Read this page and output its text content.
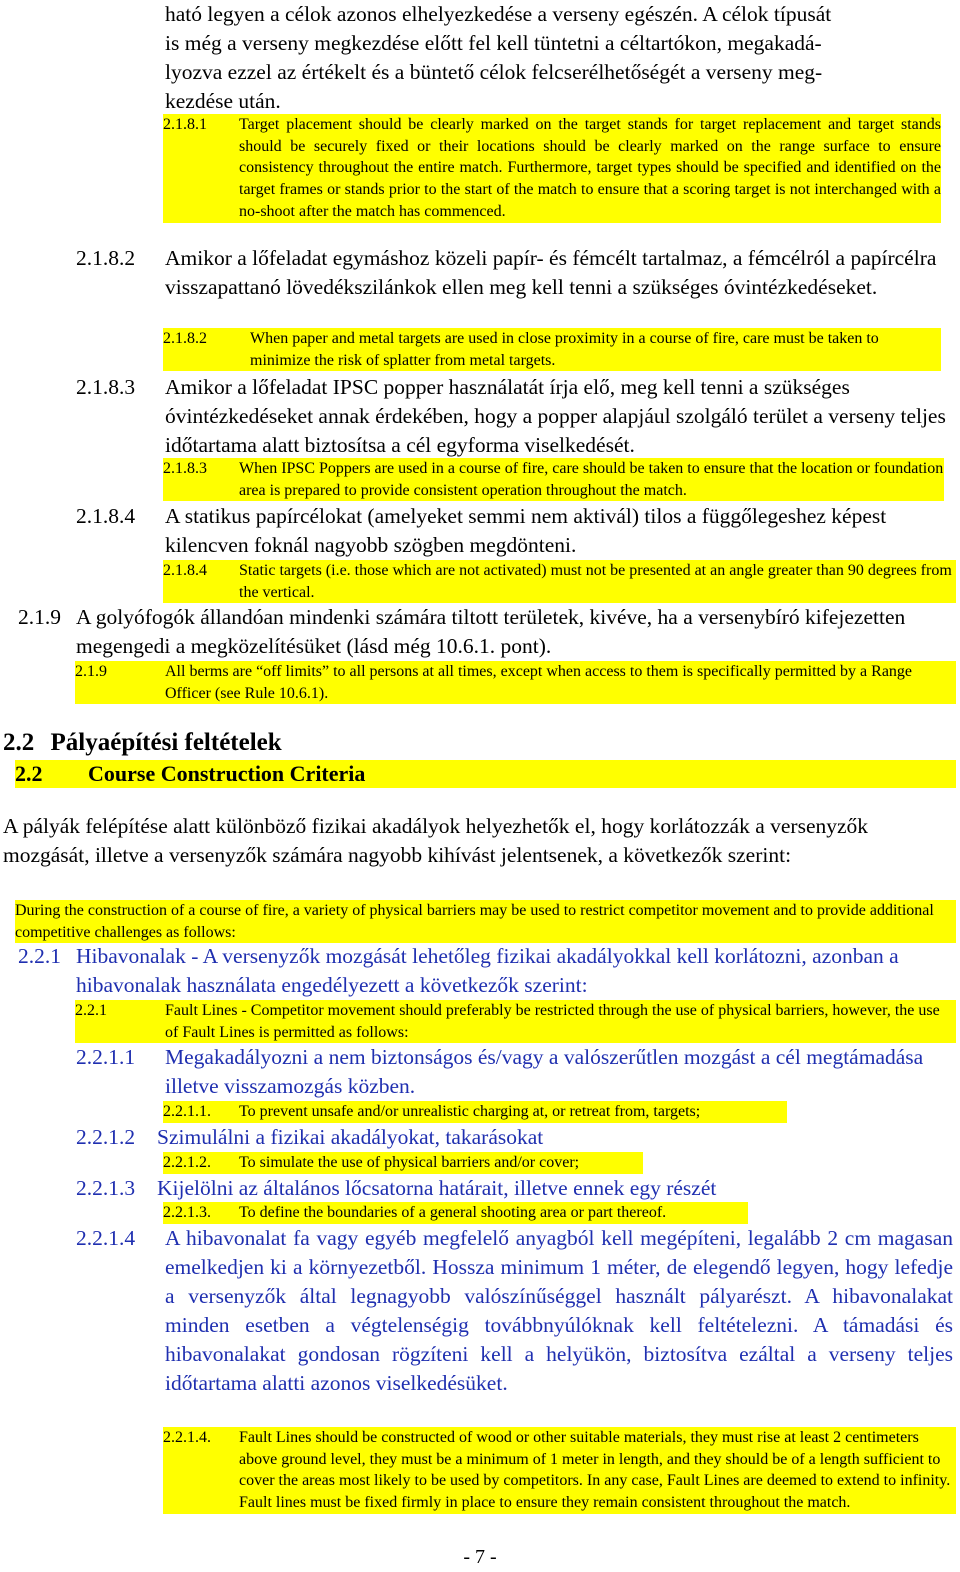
ható legyen a célok azonos elhelyezkedése a verseny egészén. A célok típusát
is még a verseny megkezdése előtt fel kell tüntetni a céltartókon, megakadá-
lyozva ezzel az értékelt és a büntető célok felcserélhetőségét a verseny meg-
kezdése után.
2.1.8.1	Target placement should be clearly marked on the target stands for target replacement and target stands should be securely fixed or their locations should be clearly marked on the range surface to ensure consistency throughout the entire match. Furthermore, target types should be specified and identified on the target frames or stands prior to the start of the match to ensure that a scoring target is not interchanged with a no-shoot after the match has commenced.
2.1.8.2	Amikor a lőfeladat egymáshoz közeli papír- és fémcélt tartalmaz, a fémcélról a papírcélra visszapattanó lövedékszilánkok ellen meg kell tenni a szükséges óvintézkedéseket.
2.1.8.2	When paper and metal targets are used in close proximity in a course of fire, care must be taken to minimize the risk of splatter from metal targets.
2.1.8.3	Amikor a lőfeladat IPSC popper használatát írja elő, meg kell tenni a szükséges óvintézkedéseket annak érdekében, hogy a popper alapjául szolgáló terület a verseny teljes időtartama alatt biztosítsa a cél egyforma viselkedését.
2.1.8.3	When IPSC Poppers are used in a course of fire, care should be taken to ensure that the location or foundation area is prepared to provide consistent operation throughout the match.
2.1.8.4	A statikus papírcélokat (amelyeket semmi nem aktivál) tilos a függőlegeshez képest kilencven foknál nagyobb szögben megdönteni.
2.1.8.4	Static targets (i.e. those which are not activated) must not be presented at an angle greater than 90 degrees from the vertical.
2.1.9 A golyófogók állandóan mindenki számára tiltott területek, kivéve, ha a versenybíró kifejezetten megengedi a megközelítésüket (lásd még 10.6.1. pont).
2.1.9	All berms are “off limits” to all persons at all times, except when access to them is specifically permitted by a Range Officer (see Rule 10.6.1).
2.2 Pályaépítési feltételek
2.2 Course Construction Criteria
A pályák felépítése alatt különböző fizikai akadályok helyezhetők el, hogy korlátozzák a versenyzők mozgását, illetve a versenyzők számára nagyobb kihívást jelentsenek, a következők szerint:
During the construction of a course of fire, a variety of physical barriers may be used to restrict competitor movement and to provide additional competitive challenges as follows:
2.2.1 Hibavonalak - A versenyzők mozgását lehetőleg fizikai akadályokkal kell korlátozni, azonban a hibavonalak használata engedélyezett a következők szerint:
2.2.1	Fault Lines - Competitor movement should preferably be restricted through the use of physical barriers, however, the use of Fault Lines is permitted as follows:
2.2.1.1	Megakadályozni a nem biztonságos és/vagy a valószerűtlen mozgást a cél megtámadása illetve visszamozgás közben.
2.2.1.1.	To prevent unsafe and/or unrealistic charging at, or retreat from, targets;
2.2.1.2	Szimulálni a fizikai akadályokat, takarásokat
2.2.1.2.	To simulate the use of physical barriers and/or cover;
2.2.1.3	Kijelölni az általános lőcsatorna határait, illetve ennek egy részét
2.2.1.3.	To define the boundaries of a general shooting area or part thereof.
2.2.1.4	A hibavonalat fa vagy egyéb megfelelő anyagból kell megépíteni, legalább 2 cm magasan emelkedjen ki a környezetből. Hossza minimum 1 méter, de elegendő legyen, hogy lefedje a versenyzők által legnagyobb valószínűséggel használt pályarészt. A hibavonalakat minden esetben a végtelenségig továbbnyúlóknak kell feltételezni. A támadási és hibavonalakat gondosan rögzíteni kell a helyükön, biztosítva ezáltal a verseny teljes időtartama alatti azonos viselkedésüket.
2.2.1.4.	Fault Lines should be constructed of wood or other suitable materials, they must rise at least 2 centimeters above ground level, they must be a minimum of 1 meter in length, and they should be of a length sufficient to cover the areas most likely to be used by competitors. In any case, Fault Lines are deemed to extend to infinity. Fault lines must be fixed firmly in place to ensure they remain consistent throughout the match.
- 7 -
